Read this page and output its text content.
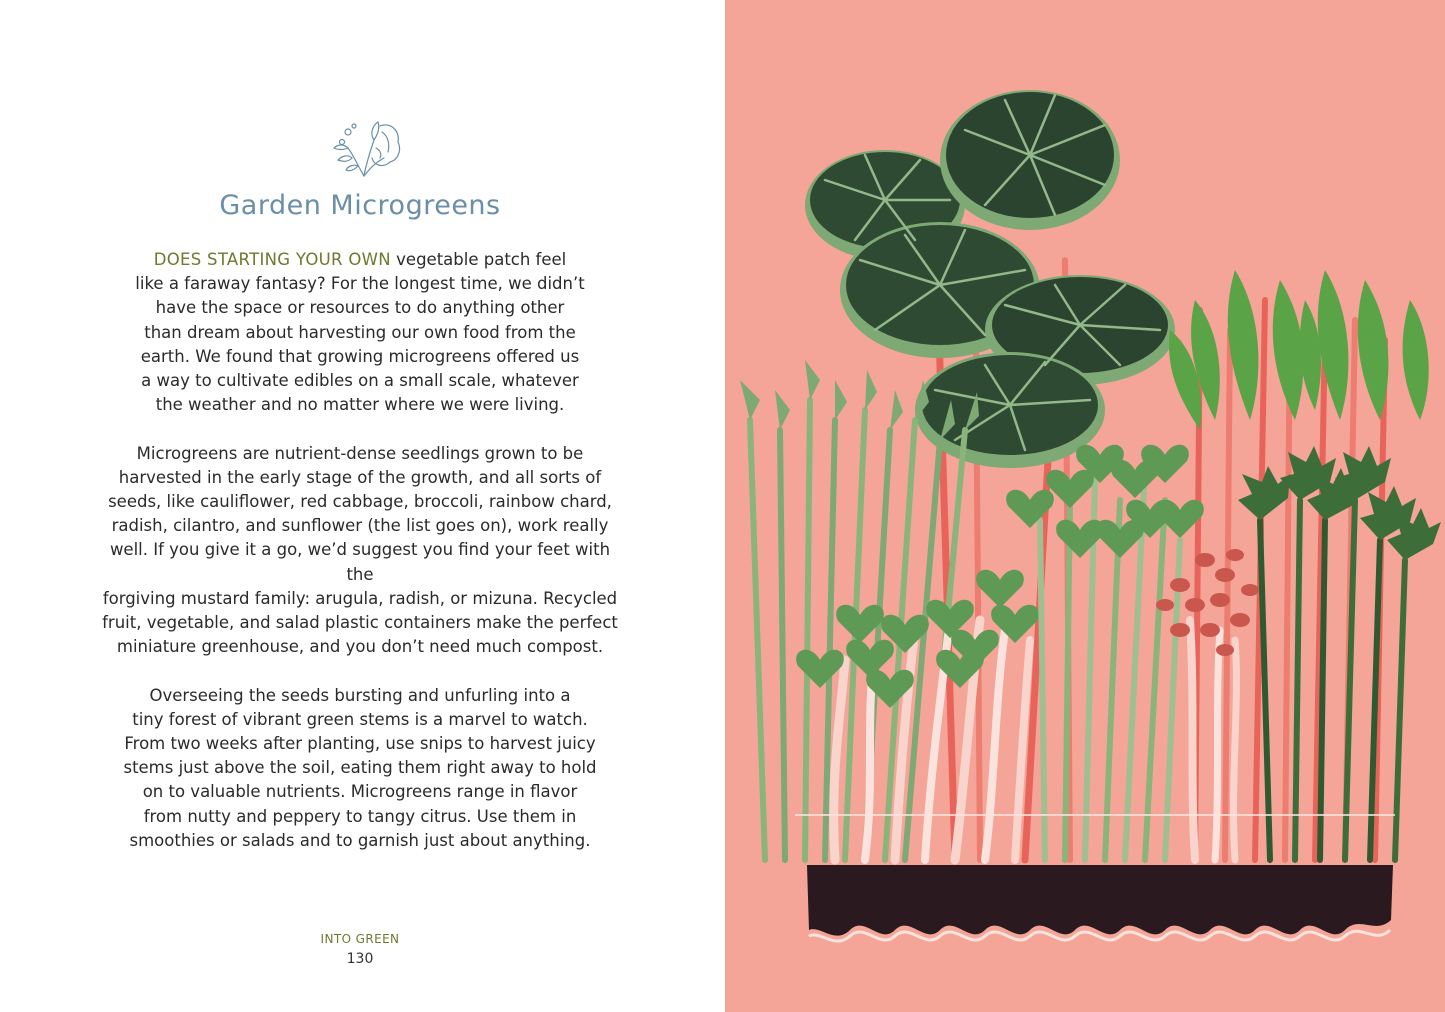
Garden Microgreens

DOES STARTING YOUR OWN vegetable patch feel
like a faraway fantasy? For the longest time, we didn’t
have the space or resources to do anything other
than dream about harvesting our own food from the
earth. We found that growing microgreens offered us
a way to cultivate edibles on a small scale, whatever
the weather and no matter where we were living.

Microgreens are nutrient-dense seedlings grown to be
harvested in the early stage of the growth, and all sorts of
seeds, like cauliflower, red cabbage, broccoli, rainbow chard,
radish, cilantro, and sunflower (the list goes on), work really
well. If you give it a go, we’d suggest you find your feet with the
forgiving mustard family: arugula, radish, or mizuna. Recycled
fruit, vegetable, and salad plastic containers make the perfect
miniature greenhouse, and you don’t need much compost.

Overseeing the seeds bursting and unfurling into a
tiny forest of vibrant green stems is a marvel to watch.
From two weeks after planting, use snips to harvest juicy
stems just above the soil, eating them right away to hold
on to valuable nutrients. Microgreens range in flavor
from nutty and peppery to tangy citrus. Use them in
smoothies or salads and to garnish just about anything.

INTO GREEN
130
